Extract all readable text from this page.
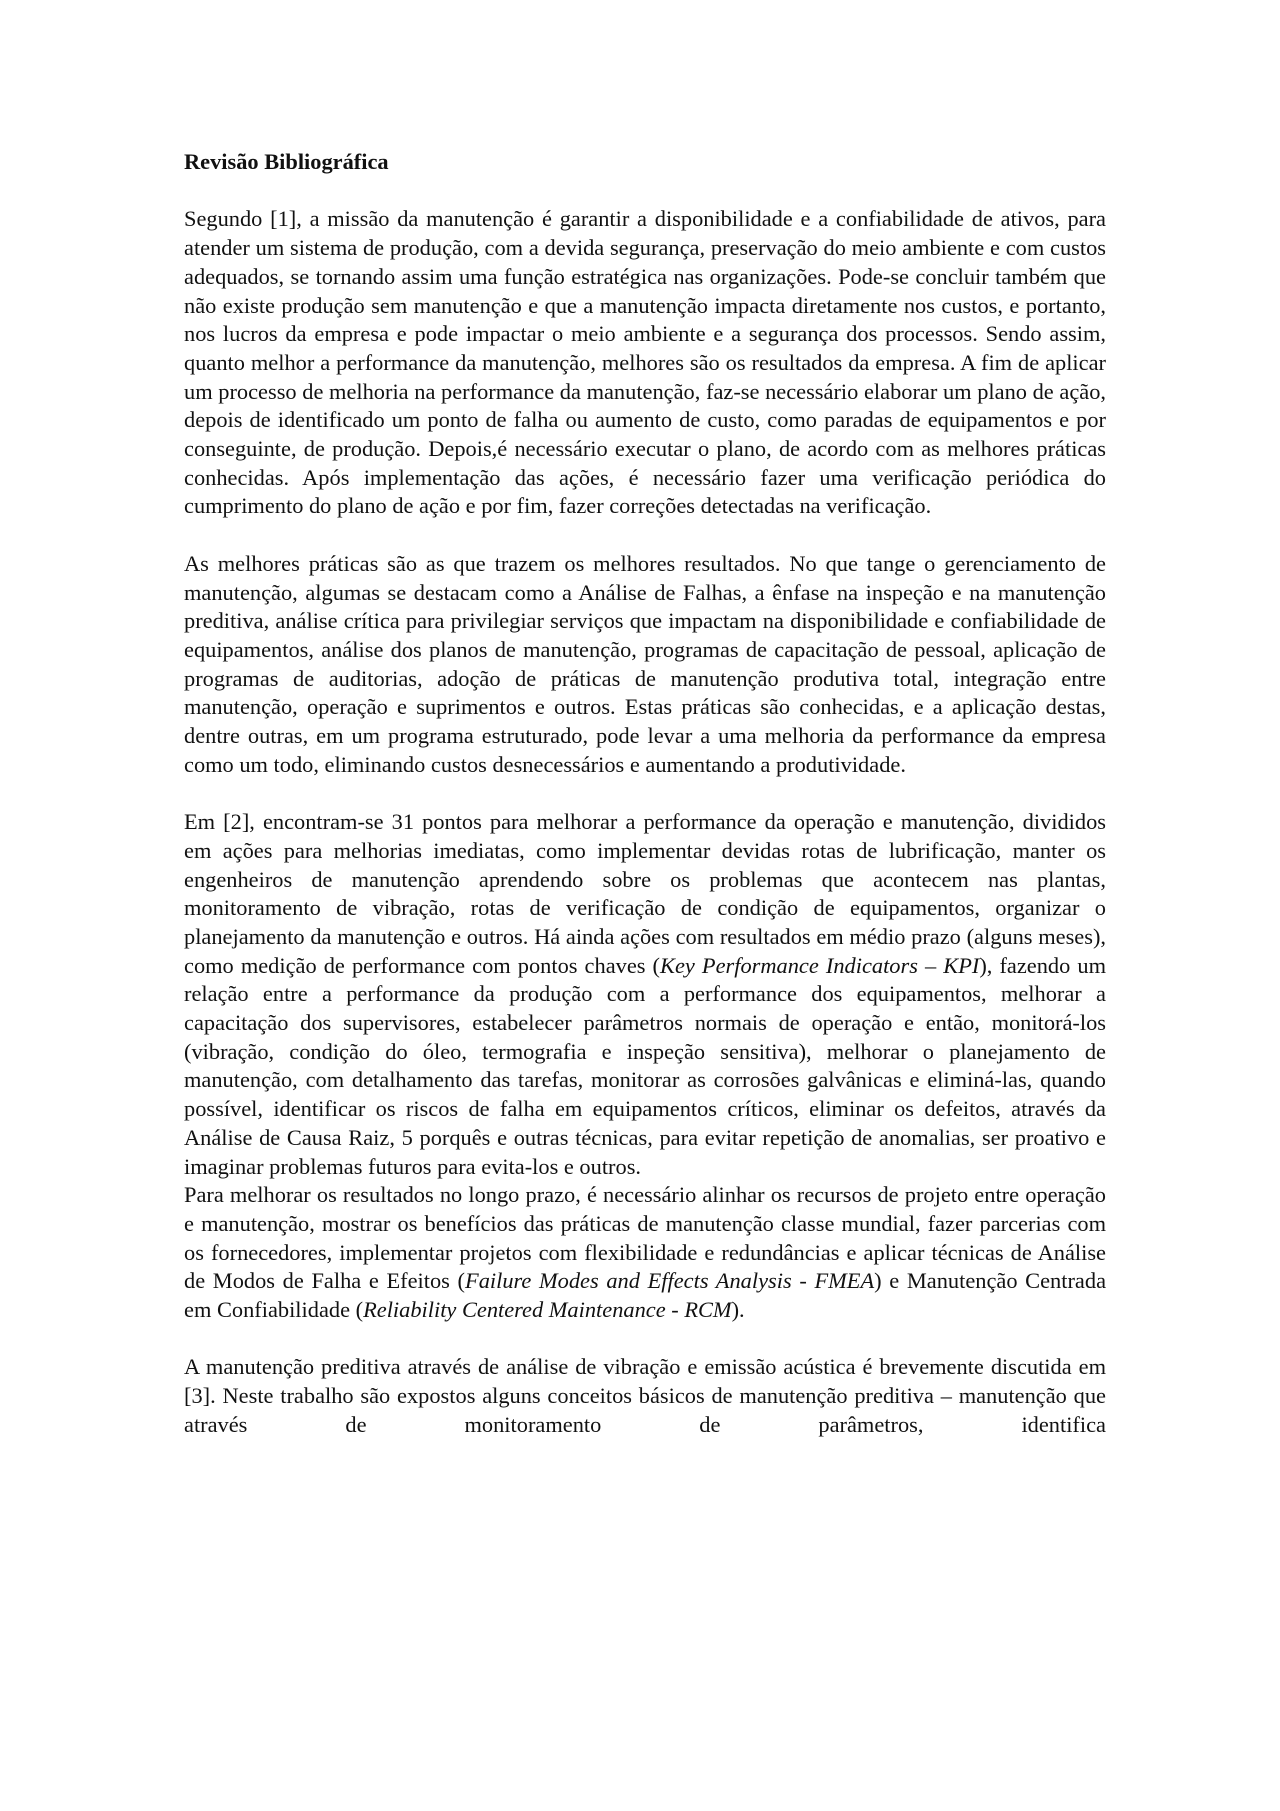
Revisão Bibliográfica

Segundo [1], a missão da manutenção é garantir a disponibilidade e a confiabilidade de ativos, para atender um sistema de produção, com a devida segurança, preservação do meio ambiente e com custos adequados, se tornando assim uma função estratégica nas organizações. Pode-se concluir também que não existe produção sem manutenção e que a manutenção impacta diretamente nos custos, e portanto, nos lucros da empresa e pode impactar o meio ambiente e a segurança dos processos. Sendo assim, quanto melhor a performance da manutenção, melhores são os resultados da empresa. A fim de aplicar um processo de melhoria na performance da manutenção, faz-se necessário elaborar um plano de ação, depois de identificado um ponto de falha ou aumento de custo, como paradas de equipamentos e por conseguinte, de produção. Depois,é necessário executar o plano, de acordo com as melhores práticas conhecidas. Após implementação das ações, é necessário fazer uma verificação periódica do cumprimento do plano de ação e por fim, fazer correções detectadas na verificação.

As melhores práticas são as que trazem os melhores resultados. No que tange o gerenciamento de manutenção, algumas se destacam como a Análise de Falhas, a ênfase na inspeção e na manutenção preditiva, análise crítica para privilegiar serviços que impactam na disponibilidade e confiabilidade de equipamentos, análise dos planos de manutenção, programas de capacitação de pessoal, aplicação de programas de auditorias, adoção de práticas de manutenção produtiva total, integração entre manutenção, operação e suprimentos e outros. Estas práticas são conhecidas, e a aplicação destas, dentre outras, em um programa estruturado, pode levar a uma melhoria da performance da empresa como um todo, eliminando custos desnecessários e aumentando a produtividade.

Em [2], encontram-se 31 pontos para melhorar a performance da operação e manutenção, divididos em ações para melhorias imediatas, como implementar devidas rotas de lubrificação, manter os engenheiros de manutenção aprendendo sobre os problemas que acontecem nas plantas, monitoramento de vibração, rotas de verificação de condição de equipamentos, organizar o planejamento da manutenção e outros. Há ainda ações com resultados em médio prazo (alguns meses), como medição de performance com pontos chaves (Key Performance Indicators – KPI), fazendo um relação entre a performance da produção com a performance dos equipamentos, melhorar a capacitação dos supervisores, estabelecer parâmetros normais de operação e então, monitorá-los (vibração, condição do óleo, termografia e inspeção sensitiva), melhorar o planejamento de manutenção, com detalhamento das tarefas, monitorar as corrosões galvânicas e eliminá-las, quando possível, identificar os riscos de falha em equipamentos críticos, eliminar os defeitos, através da Análise de Causa Raiz, 5 porquês e outras técnicas, para evitar repetição de anomalias, ser proativo e imaginar problemas futuros para evita-los e outros.

Para melhorar os resultados no longo prazo, é necessário alinhar os recursos de projeto entre operação e manutenção, mostrar os benefícios das práticas de manutenção classe mundial, fazer parcerias com os fornecedores, implementar projetos com flexibilidade e redundâncias e aplicar técnicas de Análise de Modos de Falha e Efeitos (Failure Modes and Effects Analysis - FMEA) e Manutenção Centrada em Confiabilidade (Reliability Centered Maintenance - RCM).

A manutenção preditiva através de análise de vibração e emissão acústica é brevemente discutida em [3]. Neste trabalho são expostos alguns conceitos básicos de manutenção preditiva – manutenção que através de monitoramento de parâmetros, identifica
